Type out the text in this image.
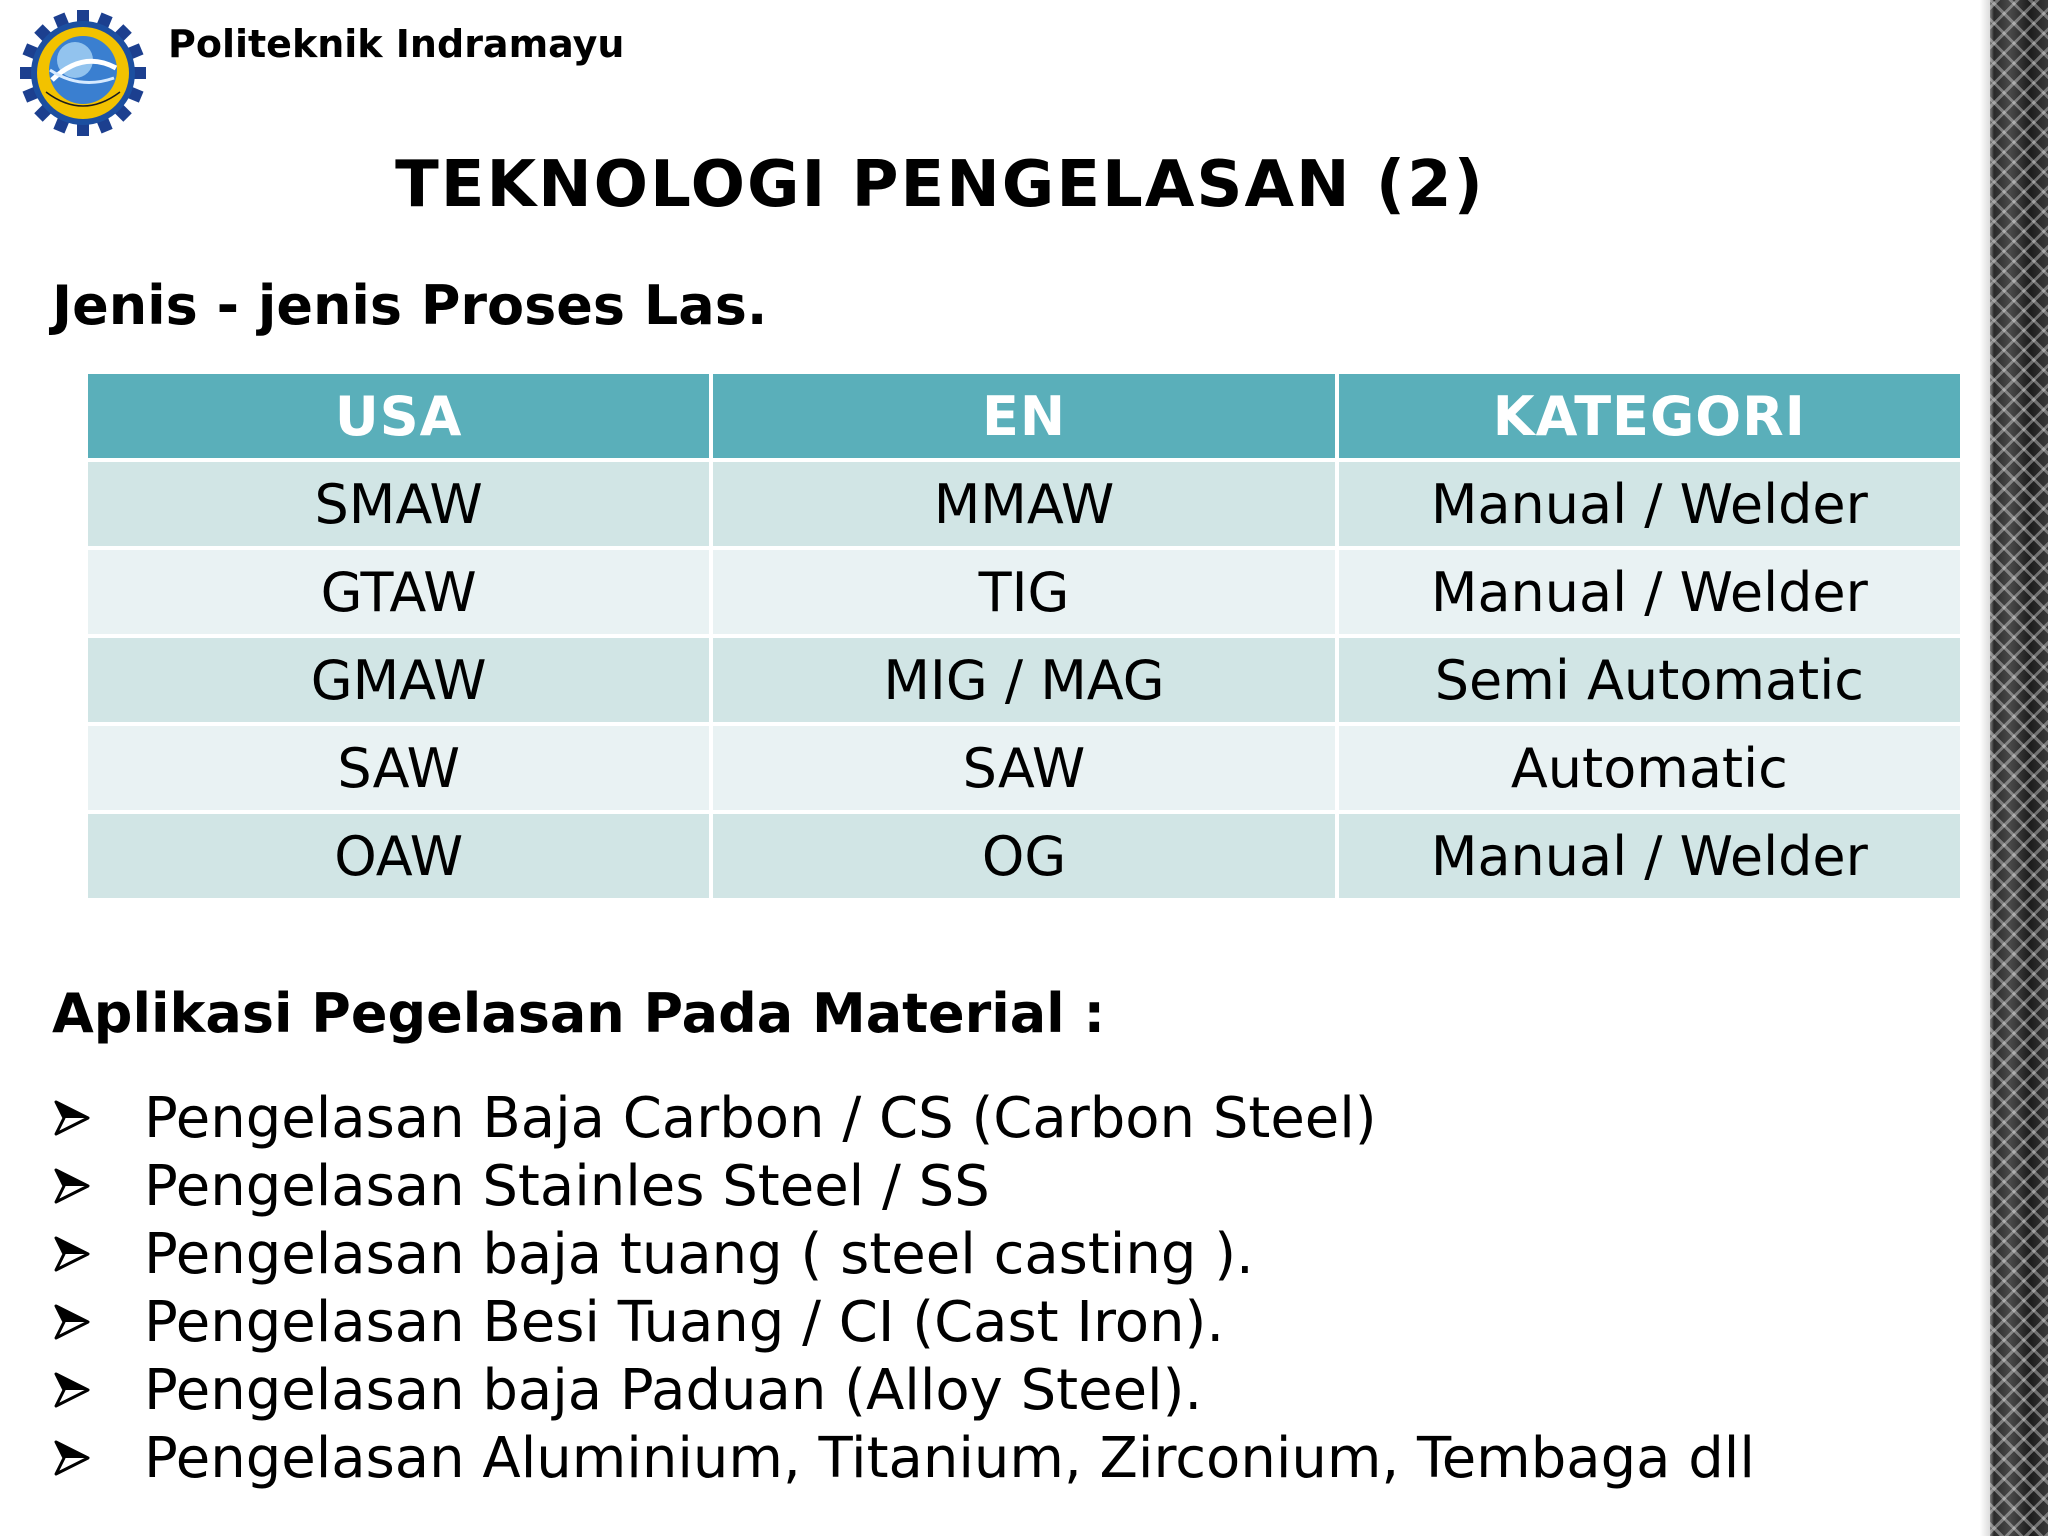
Politeknik Indramayu
TEKNOLOGI PENGELASAN (2)
Jenis - jenis Proses Las.
USA	EN	KATEGORI
SMAW	MMAW	Manual / Welder
GTAW	TIG	Manual / Welder
GMAW	MIG / MAG	Semi Automatic
SAW	SAW	Automatic
OAW	OG	Manual / Welder
Aplikasi Pegelasan Pada Material :
Pengelasan Baja Carbon / CS (Carbon Steel)
Pengelasan Stainles Steel / SS
Pengelasan baja tuang ( steel casting ).
Pengelasan Besi Tuang / CI (Cast Iron).
Pengelasan baja Paduan (Alloy Steel).
Pengelasan Aluminium, Titanium, Zirconium, Tembaga dll
